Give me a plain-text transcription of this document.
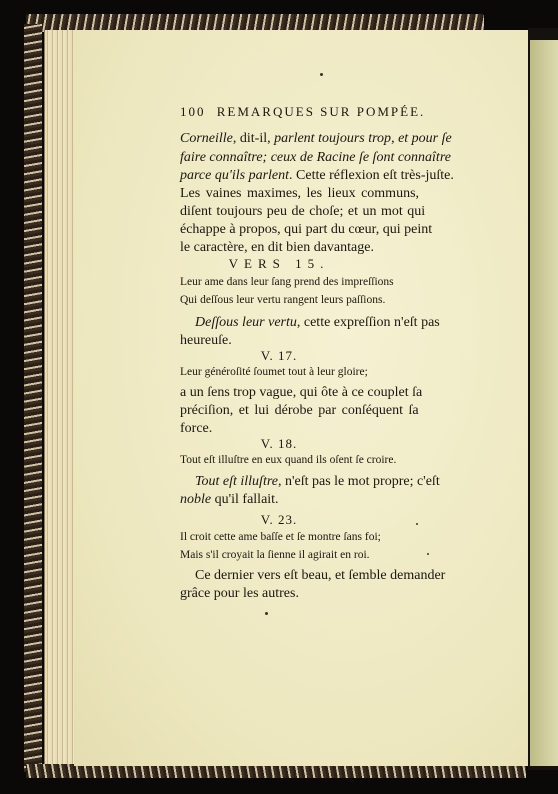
100 REMARQUES SUR POMPÉE.
Corneille, dit-il, parlent toujours trop, et pour ſe
faire connaître; ceux de Racine ſe ſont connaître
parce qu'ils parlent. Cette réflexion eſt très-juſte.
Les vaines maximes, les lieux communs,
diſent toujours peu de choſe; et un mot qui
échappe à propos, qui part du cœur, qui peint
le caractère, en dit bien davantage.
VERS 15.
Leur ame dans leur ſang prend des impreſſions
Qui deſſous leur vertu rangent leurs paſſions.
Deſſous leur vertu, cette expreſſion n'eſt pas
heureuſe.
V. 17.
Leur généroſité ſoumet tout à leur gloire;
a un ſens trop vague, qui ôte à ce couplet ſa
préciſion, et lui dérobe par conſéquent ſa
force.
V. 18.
Tout eſt illuſtre en eux quand ils oſent ſe croire.
Tout eſt illuſtre, n'eſt pas le mot propre; c'eſt
noble qu'il fallait.
V. 23.
Il croit cette ame baſſe et ſe montre ſans foi;
Mais s'il croyait la ſienne il agirait en roi.
Ce dernier vers eſt beau, et ſemble demander
grâce pour les autres.
